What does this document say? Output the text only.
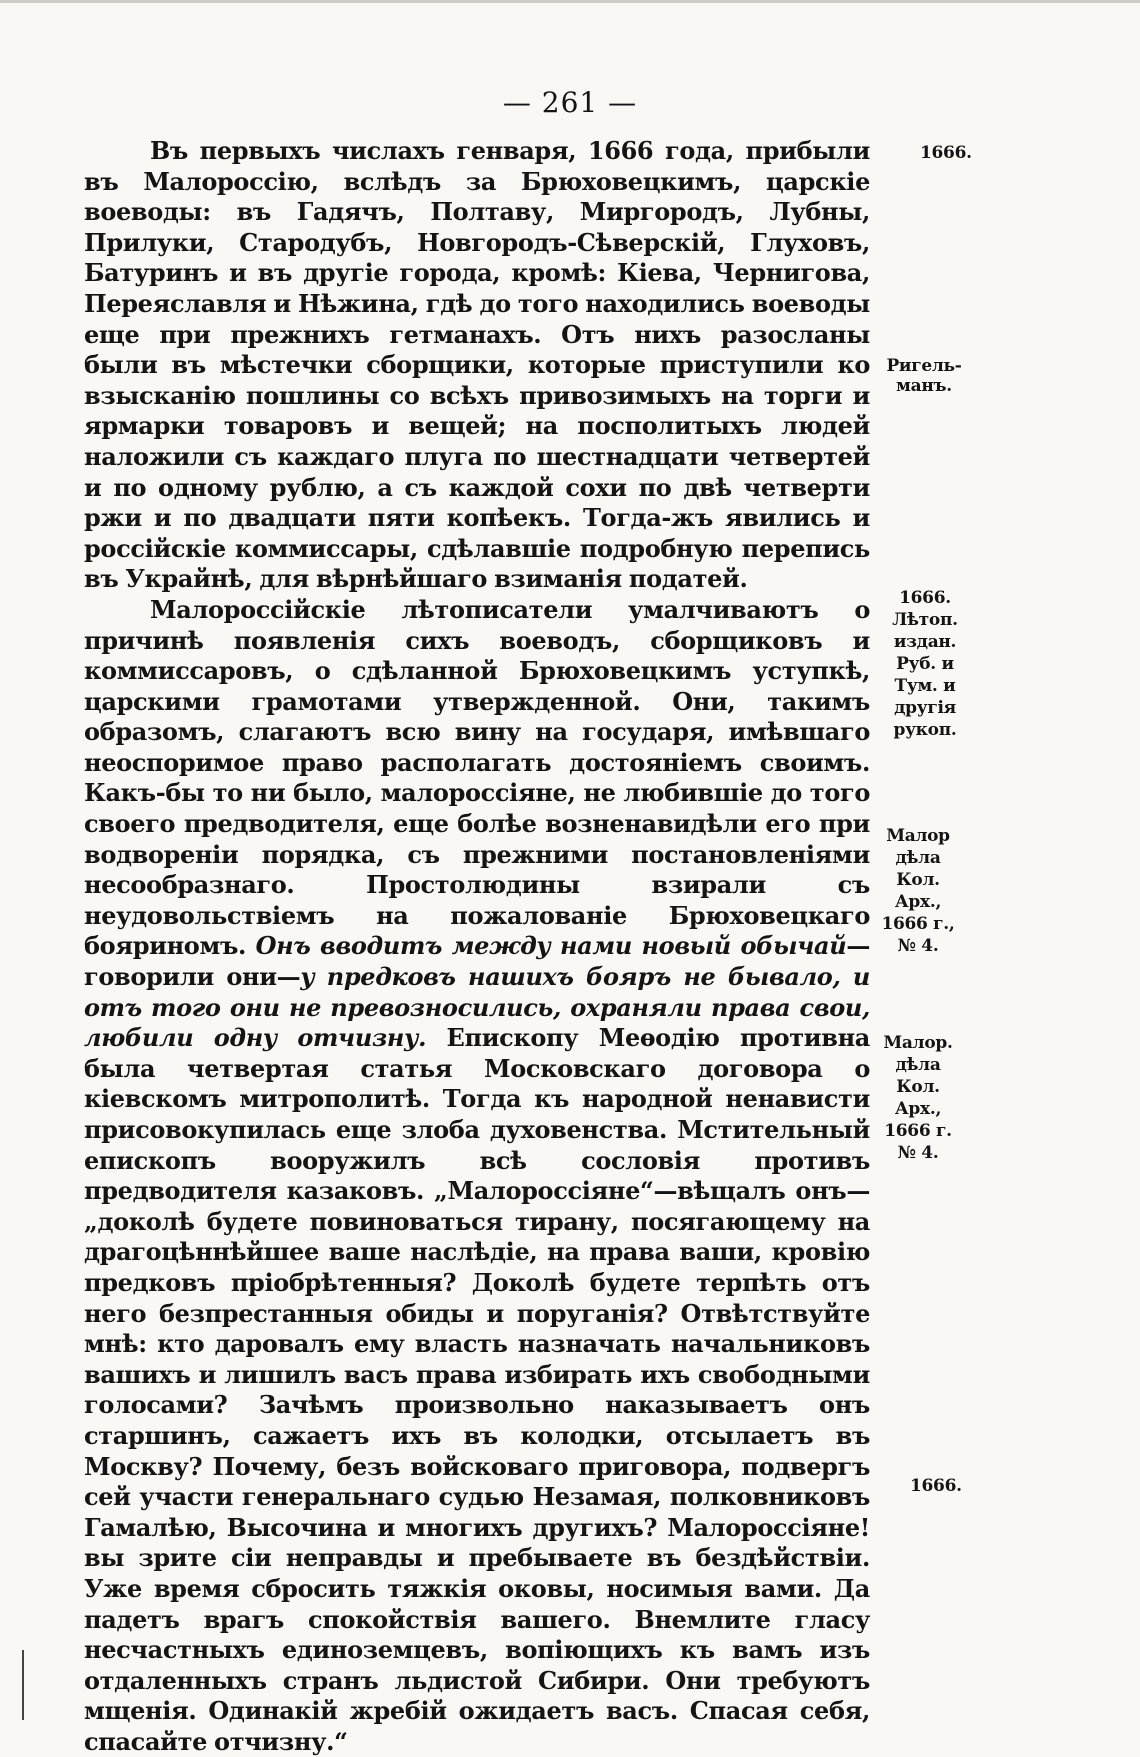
— 261 —

Въ первыхъ числахъ генваря, 1666 года, прибыли въ Малороссію, вслѣдъ за Брюховецкимъ, царскіе воеводы: въ Гадячъ, Полтаву, Миргородъ, Лубны, Прилуки, Стародубъ, Новгородъ-Сѣверскій, Глуховъ, Батуринъ и въ другіе города, кромѣ: Кіева, Чернигова, Переяславля и Нѣжина, гдѣ до того находились воеводы еще при прежнихъ гетманахъ. Отъ нихъ разосланы были въ мѣстечки сборщики, которые приступили ко взысканію пошлины со всѣхъ привозимыхъ на торги и ярмарки товаровъ и вещей; на посполитыхъ людей наложили съ каждаго плуга по шестнадцати четвертей и по одному рублю, а съ каждой сохи по двѣ четверти ржи и по двадцати пяти копѣекъ. Тогда-жъ явились и россійскіе коммиссары, сдѣлавшіе подробную перепись въ Украйнѣ, для вѣрнѣйшаго взиманія податей.

Малороссійскіе лѣтописатели умалчиваютъ о причинѣ появленія сихъ воеводъ, сборщиковъ и коммиссаровъ, о сдѣланной Брюховецкимъ уступкѣ, царскими грамотами утвержденной. Они, такимъ образомъ, слагаютъ всю вину на государя, имѣвшаго неоспоримое право располагать достояніемъ своимъ. Какъ-бы то ни было, малороссіяне, не любившіе до того своего предводителя, еще болѣе возненавидѣли его при водвореніи порядка, съ прежними постановленіями несообразнаго. Простолюдины взирали съ неудовольствіемъ на пожалованіе Брюховецкаго бояриномъ. Онъ вводитъ между нами новый обычай—говорили они—у предковъ нашихъ бояръ не бывало, и отъ того они не превозносились, охраняли права свои, любили одну отчизну. Епископу Меѳодію противна была четвертая статья Московскаго договора о кіевскомъ митрополитѣ. Тогда къ народной ненависти присовокупилась еще злоба духовенства. Мстительный епископъ вооружилъ всѣ сословія противъ предводителя казаковъ. „Малороссіяне“—вѣщалъ онъ—„доколѣ будете повиноваться тирану, посягающему на драгоцѣннѣйшее ваше наслѣдіе, на права ваши, кровію предковъ пріобрѣтенныя? Доколѣ будете терпѣть отъ него безпрестанныя обиды и поруганія? Отвѣтствуйте мнѣ: кто даровалъ ему власть назначать начальниковъ вашихъ и лишилъ васъ права избирать ихъ свободными голосами? Зачѣмъ произвольно наказываетъ онъ старшинъ, сажаетъ ихъ въ колодки, отсылаетъ въ Москву? Почему, безъ войсковаго приговора, подвергъ сей участи генеральнаго судью Незамая, полковниковъ Гамалѣю, Высочина и многихъ другихъ? Малороссіяне! вы зрите сіи неправды и пребываете въ бездѣйствіи. Уже время сбросить тяжкія оковы, носимыя вами. Да падетъ врагъ спокойствія вашего. Внемлите гласу несчастныхъ единоземцевъ, вопіющихъ къ вамъ изъ отдаленныхъ странъ льдистой Сибири. Они требуютъ мщенія. Одинакій жребій ожидаетъ васъ. Спасая себя, спасайте отчизну.“

1666.
Ригель-
манъ.
1666.
Лѣтоп.
издан.
Руб. и
Тум. и
другія
рукоп.
Малор
дѣла
Кол. Арх.,
1666 г.,
№ 4.
Малор.
дѣла
Кол. Арх.,
1666 г.
№ 4.
1666.
